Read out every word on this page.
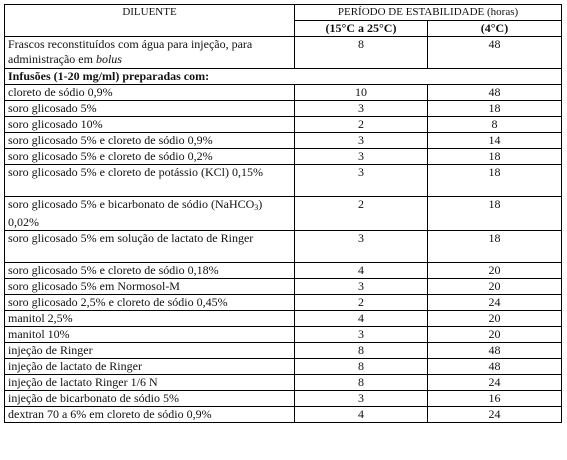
DILUENTE	PERÍODO DE ESTABILIDADE (horas)	
	(15°C a 25°C)	(4°C)
Frascos reconstituídos com água para injeção, para administração em bolus	8	48
Infusões (1-20 mg/ml) preparadas com:		
cloreto de sódio 0,9%	10	48
soro glicosado 5%	3	18
soro glicosado 10%	2	8
soro glicosado 5% e cloreto de sódio 0,9%	3	14
soro glicosado 5% e cloreto de sódio 0,2%	3	18
soro glicosado 5% e cloreto de potássio (KCl) 0,15%	3	18
soro glicosado 5% e bicarbonato de sódio (NaHCO$_3$) 0,02%	2	18
soro glicosado 5% em solução de lactato de Ringer	3	18
soro glicosado 5% e cloreto de sódio 0,18%	4	20
soro glicosado 5% em Normosol-M	3	20
soro glicosado 2,5% e cloreto de sódio 0,45%	2	24
manitol 2,5%	4	20
manitol 10%	3	20
injeção de Ringer	8	48
injeção de lactato de Ringer	8	48
injeção de lactato Ringer 1/6 N	8	24
injeção de bicarbonato de sódio 5%	3	16
dextran 70 a 6% em cloreto de sódio 0,9%	4	24
